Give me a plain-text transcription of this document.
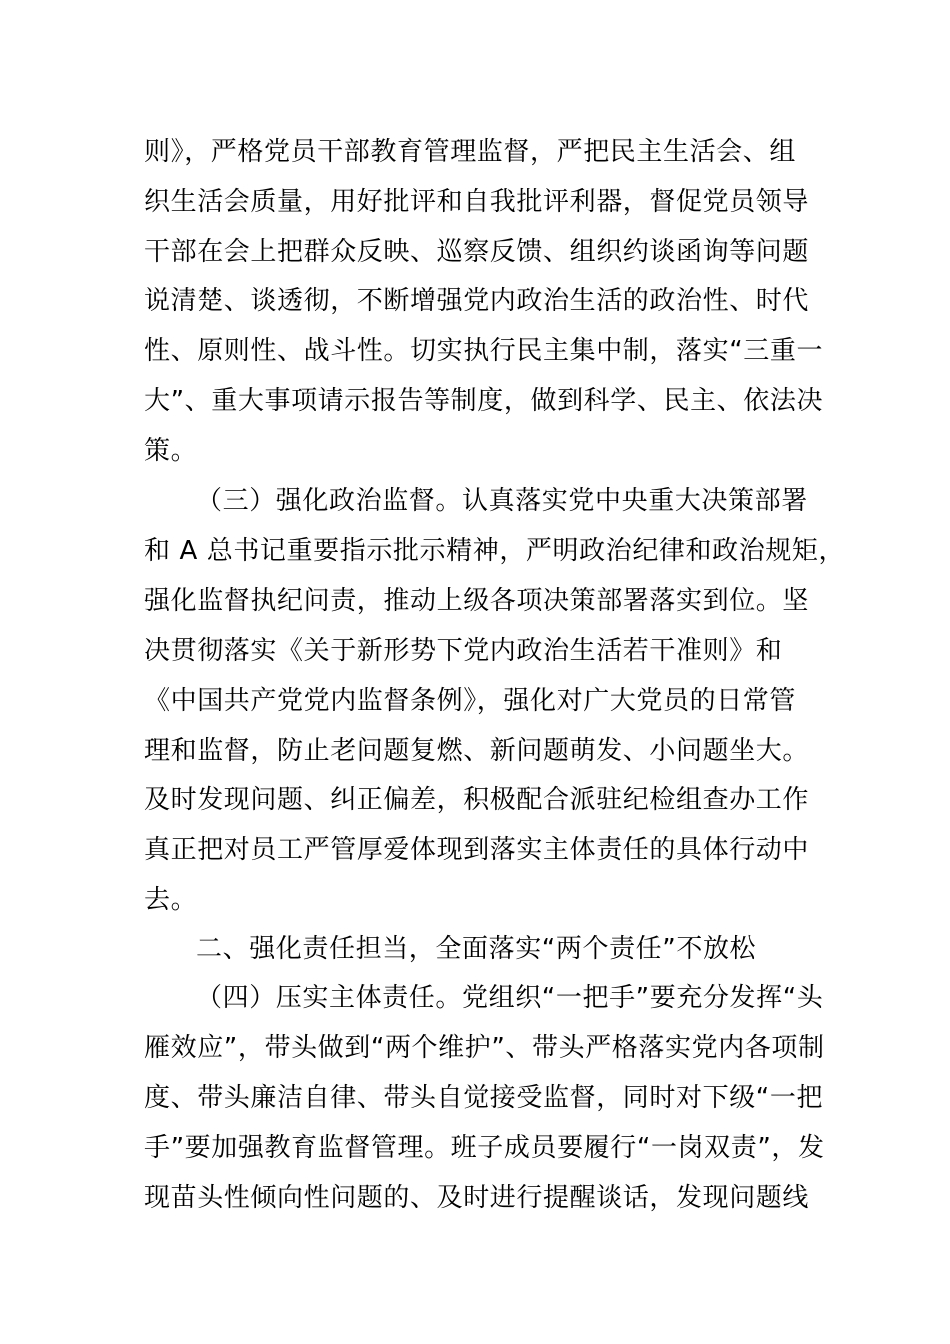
则》，严格党员干部教育管理监督，严把民主生活会、组
织生活会质量，用好批评和自我批评利器，督促党员领导
干部在会上把群众反映、巡察反馈、组织约谈函询等问题
说清楚、谈透彻，不断增强党内政治生活的政治性、时代
性、原则性、战斗性。切实执行民主集中制，落实“三重一
大”、重大事项请示报告等制度，做到科学、民主、依法决
策。
（三）强化政治监督。认真落实党中央重大决策部署
和 A 总书记重要指示批示精神，严明政治纪律和政治规矩，
强化监督执纪问责，推动上级各项决策部署落实到位。坚
决贯彻落实《关于新形势下党内政治生活若干准则》和
《中国共产党党内监督条例》，强化对广大党员的日常管
理和监督，防止老问题复燃、新问题萌发、小问题坐大。
及时发现问题、纠正偏差，积极配合派驻纪检组查办工作
真正把对员工严管厚爱体现到落实主体责任的具体行动中
去。
二、强化责任担当，全面落实“两个责任”不放松
（四）压实主体责任。党组织“一把手”要充分发挥“头
雁效应”，带头做到“两个维护”、带头严格落实党内各项制
度、带头廉洁自律、带头自觉接受监督，同时对下级“一把
手”要加强教育监督管理。班子成员要履行“一岗双责”，发
现苗头性倾向性问题的、及时进行提醒谈话，发现问题线
